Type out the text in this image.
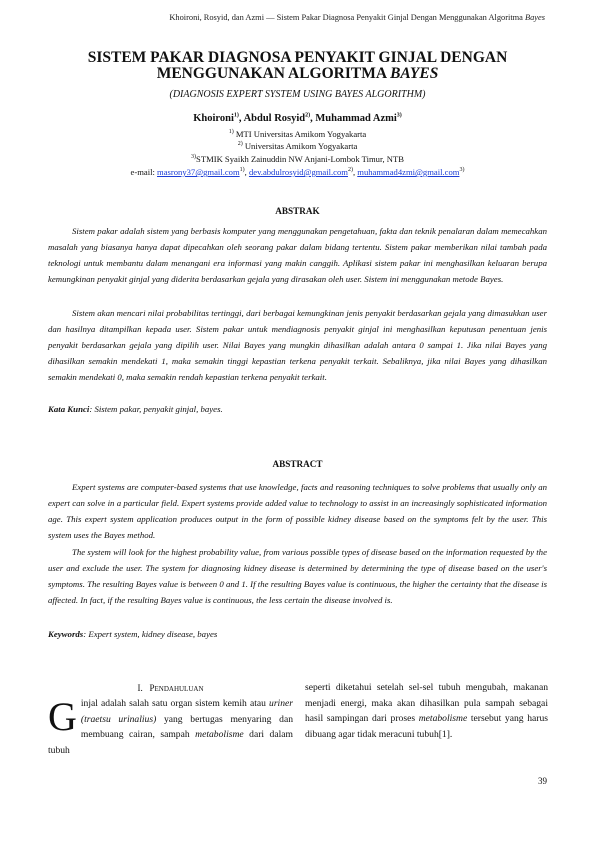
Khoironi, Rosyid, dan Azmi — Sistem Pakar Diagnosa Penyakit Ginjal Dengan Menggunakan Algoritma Bayes
SISTEM PAKAR DIAGNOSA PENYAKIT GINJAL DENGAN
MENGGUNAKAN ALGORITMA BAYES
(DIAGNOSIS EXPERT SYSTEM USING BAYES ALGORITHM)
Khoironi$^{1)}$, Abdul Rosyid$^{2)}$, Muhammad Azmi$^{3)}$
$^{1)}$ MTI Universitas Amikom Yogyakarta
$^{2)}$ Universitas Amikom Yogyakarta
$^{3)}$STMIK Syaikh Zainuddin NW Anjani-Lombok Timur, NTB
e-mail: masrony37@gmail.com$^{1)}$, dev.abdulrosyid@gmail.com$^{2)}$, muhammad4zmi@gmail.com$^{3)}$
ABSTRAK

Sistem pakar adalah sistem yang berbasis komputer yang menggunakan pengetahuan, fakta dan teknik penalaran dalam memecahkan masalah yang biasanya hanya dapat dipecahkan oleh seorang pakar dalam bidang tertentu. Sistem pakar memberikan nilai tambah pada teknologi untuk membantu dalam menangani era informasi yang makin canggih. Aplikasi sistem pakar ini menghasilkan keluaran berupa kemungkinan penyakit ginjal yang diderita berdasarkan gejala yang dirasakan oleh user. Sistem ini menggunakan metode Bayes.

Sistem akan mencari nilai probabilitas tertinggi, dari berbagai kemungkinan jenis penyakit berdasarkan gejala yang dimasukkan user dan hasilnya ditampilkan kepada user. Sistem pakar untuk mendiagnosis penyakit ginjal ini menghasilkan keputusan penentuan jenis penyakit berdasarkan gejala yang dipilih user. Nilai Bayes yang mungkin dihasilkan adalah antara 0 sampai 1. Jika nilai Bayes yang dihasilkan semakin mendekati 1, maka semakin tinggi kepastian terkena penyakit terkait. Sebaliknya, jika nilai Bayes yang dihasilkan semakin mendekati 0, maka semakin rendah kepastian terkena penyakit terkait.

Kata Kunci: Sistem pakar, penyakit ginjal, bayes.

ABSTRACT

Expert systems are computer-based systems that use knowledge, facts and reasoning techniques to solve problems that usually only an expert can solve in a particular field. Expert systems provide added value to technology to assist in an increasingly sophisticated information age. This expert system application produces output in the form of possible kidney disease based on the symptoms felt by the user. This system uses the Bayes method.

The system will look for the highest probability value, from various possible types of disease based on the information requested by the user and exclude the user. The system for diagnosing kidney disease is determined by determining the type of disease based on the user's symptoms. The resulting Bayes value is between 0 and 1. If the resulting Bayes value is continuous, the higher the certainty that the disease is affected. In fact, if the resulting Bayes value is continuous, the less certain the disease involved is.

Keywords: Expert system, kidney disease, bayes

I. PENDAHULUAN

Ginjal adalah salah satu organ sistem kemih atau uriner (traetsu urinalius) yang bertugas menyaring dan membuang cairan, sampah metabolisme dari dalam tubuh

seperti diketahui setelah sel-sel tubuh mengubah, makanan menjadi energi, maka akan dihasilkan pula sampah sebagai hasil sampingan dari proses metabolisme tersebut yang harus dibuang agar tidak meracuni tubuh[1].

39
